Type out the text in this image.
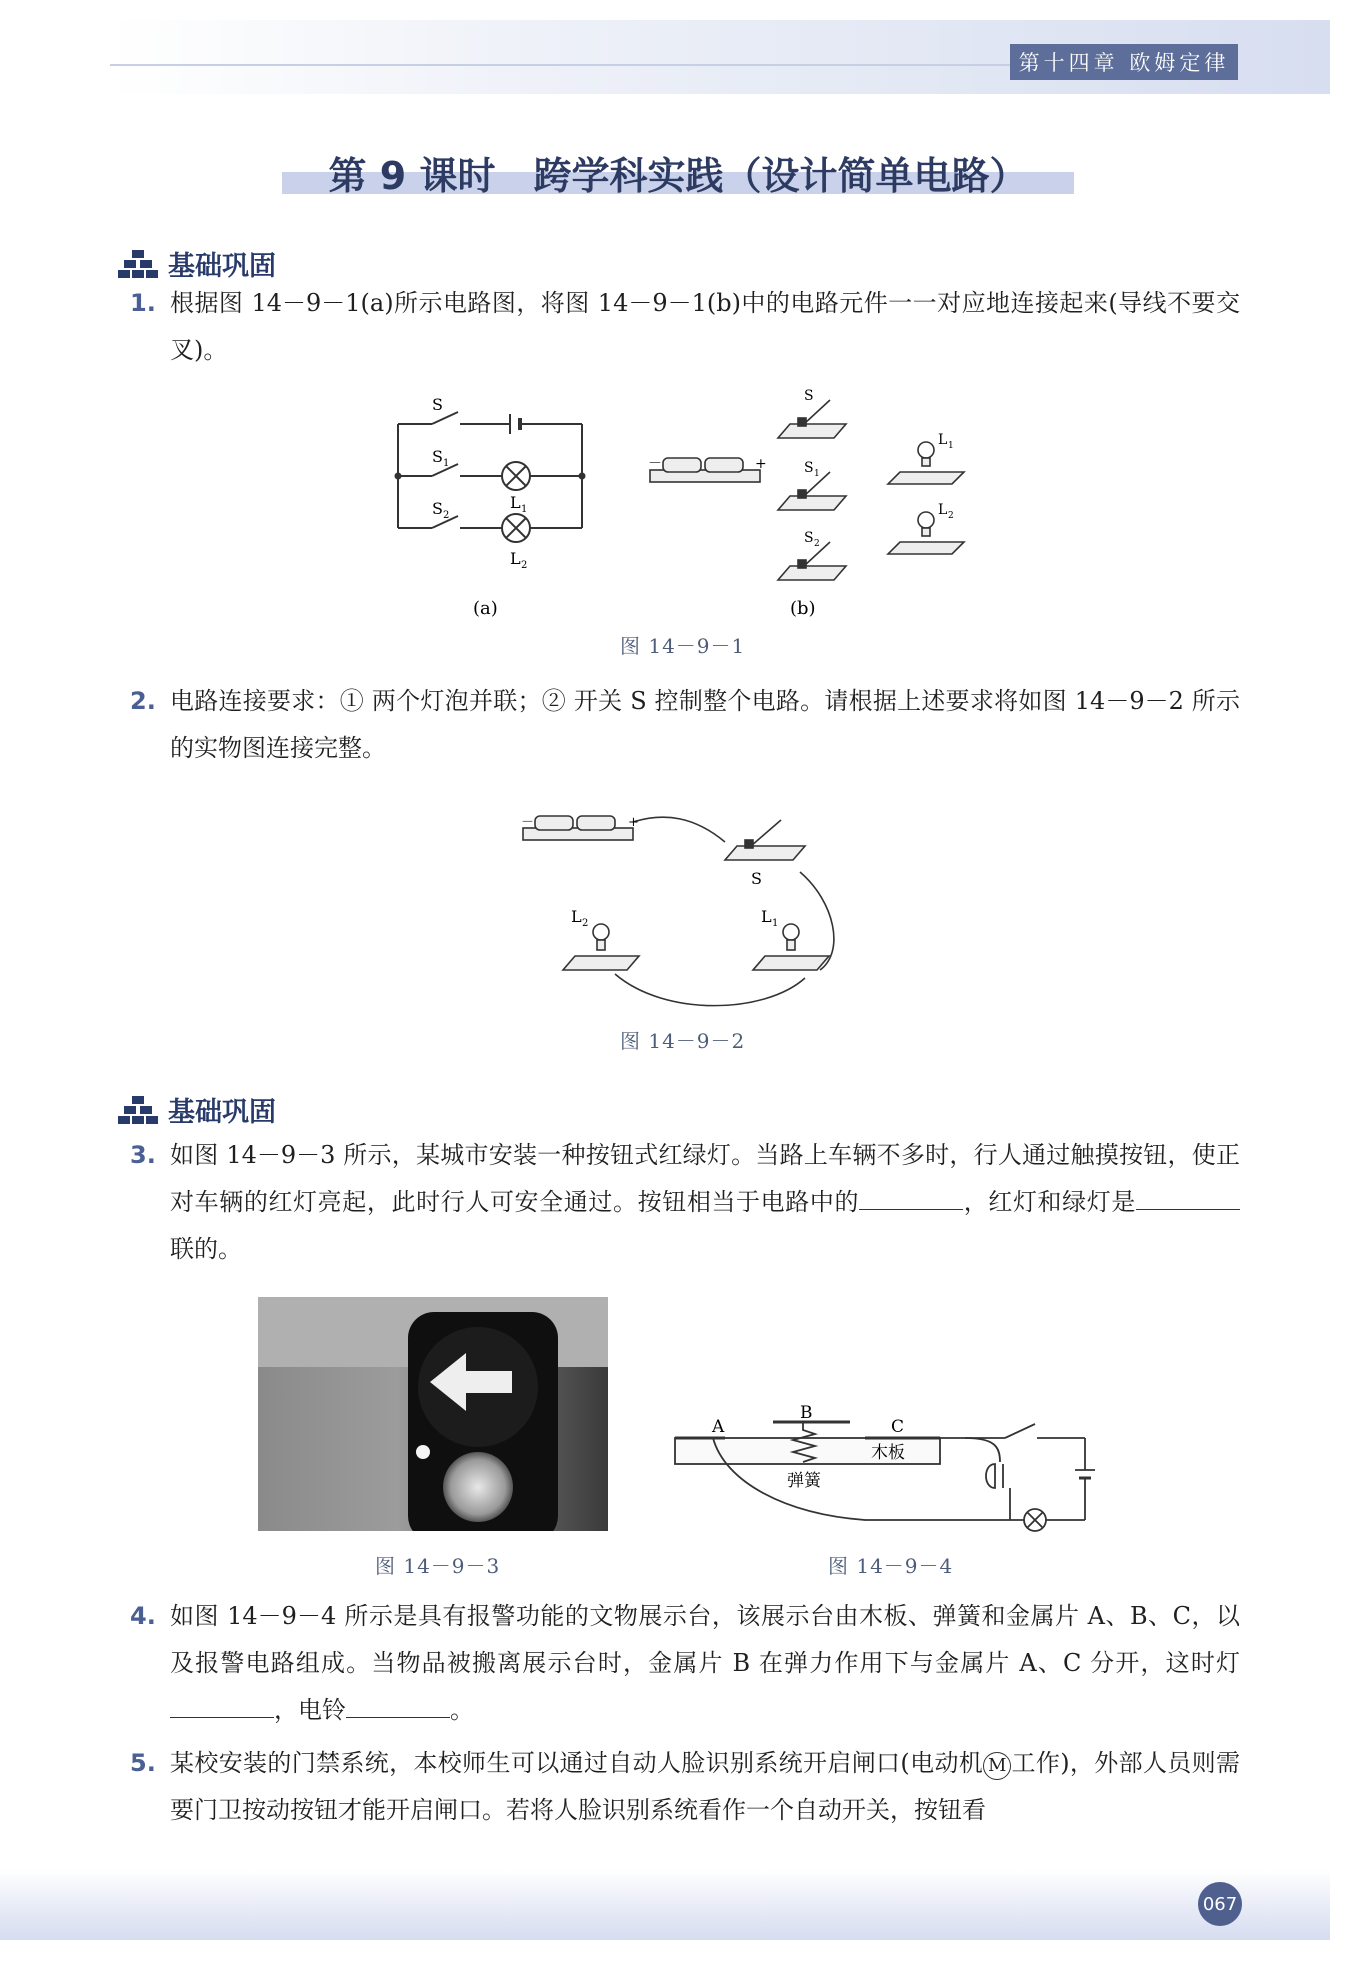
第十四章 欧姆定律
第 9 课时　跨学科实践（设计简单电路）
基础巩固
1. 根据图 14－9－1(a)所示电路图，将图 14－9－1(b)中的电路元件一一对应地连接起来(导线不要交叉)。
S
S 1
S 2
L 1
L 2
－	+
S
S 1
S 2
L 1
L 2
(a)	(b)
图 14－9－1
2. 电路连接要求：① 两个灯泡并联；② 开关 S 控制整个电路。请根据上述要求将如图 14－9－2 所示的实物图连接完整。
－	+
S
L 2	L 1
图 14－9－2
基础巩固
3. 如图 14－9－3 所示，某城市安装一种按钮式红绿灯。当路上车辆不多时，行人通过触摸按钮，使正对车辆的红灯亮起，此时行人可安全通过。按钮相当于电路中的	，红灯和绿灯是联的。
图 14－9－3
A
B
C
木板
弹簧
图 14－9－4
4. 如图 14－9－4 所示是具有报警功能的文物展示台，该展示台由木板、弹簧和金属片 A、B、C，以及报警电路组成。当物品被搬离展示台时，金属片 B 在弹力作用下与金属片 A、C 分开，这时灯，电铃	。
5. 某校安装的门禁系统，本校师生可以通过自动人脸识别系统开启闸口(电动机 M 工作)，外部人员则需要门卫按动按钮才能开启闸口。若将人脸识别系统看作一个自动开关，按钮看
067
